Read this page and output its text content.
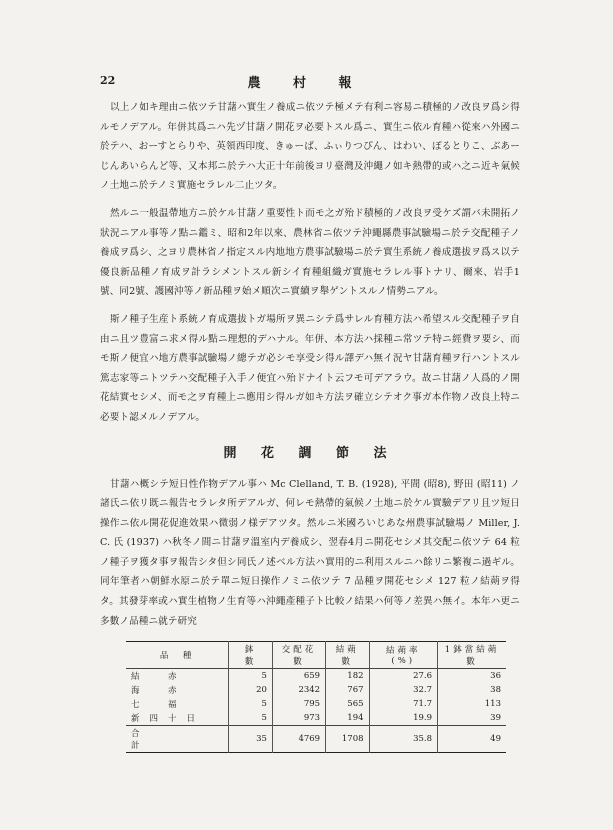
22	農 村 報

以上ノ如キ理由ニ依ツテ甘藷ハ實生ノ養成ニ依ツテ極メテ有利ニ容易ニ積極的ノ改良ヲ爲シ得ルモノデアル。年併其爲ニハ先ヅ甘藷ノ開花ヲ必要トスル爲ニ、實生ニ依ル育種ハ從來ハ外國ニ於テハ、おーすとらりや、英領西印度、きゅーば、ふぃりつぴん、はわい、ぽるとりこ、ぶあーじんあいらんど等、又本邦ニ於テハ大正十年前後ヨリ臺灣及沖繩ノ如キ熱帶的或ハ之ニ近キ氣候ノ土地ニ於テノミ實施セラレル二止ツタ。

然ルニ一般温帶地方ニ於ケル甘藷ノ重要性ト而モ之ガ殆ド積極的ノ改良ヲ受ケズ謂バ未開拓ノ狀況ニアル事等ノ點ニ鑑ミ、昭和2年以來、農林省ニ依ツテ沖繩縣農事試驗場ニ於テ交配種子ノ養成ヲ爲シ、之ヨリ農林省ノ指定スル内地地方農事試驗場ニ於テ實生系統ノ養成選拔ヲ爲ス以テ優良新品種ノ育成ヲ計ラシメントスル新シイ育種組織ガ實施セラレル事トナリ、爾來、岩手1號、同2號、護國沖等ノ新品種ヲ始メ順次ニ實續ヲ舉ゲントスルノ情勢ニアル。

斯ノ種子生産ト系統ノ育成選拔トガ場所ヲ異ニシテ爲サレル育種方法ハ希望スル交配種子ヲ自由ニ且ツ豊富ニ求メ得ル點ニ理想的デハナル。年併、本方法ハ採種ニ常ツテ特ニ經費ヲ要シ、而モ斯ノ便宜ハ地方農事試驗場ノ總テガ必シモ享受シ得ル譯デハ無イ況ヤ甘藷育種ヲ行ハントスル篤志家等ニトツテハ交配種子入手ノ便宜ハ殆ドナイト云フモ可デアラウ。故ニ甘藷ノ人爲的ノ開花結實セシメ、而モ之ヲ育種上ニ應用シ得ルガ如キ方法ヲ確立シテオク事ガ本作物ノ改良上特ニ必要ト認メルノデアル。

開 花 調 節 法

甘藷ハ概シテ短日性作物デアル事ハ Mc Clelland, T. B. (1928), 平間 (昭8), 野田 (昭11) ノ諸氏ニ依リ既ニ報告セラレタ所デアルガ、何レモ熱帶的氣候ノ土地ニ於ケル實驗デアリ且ツ短日操作ニ依ル開花促進效果ハ微弱ノ様デアツタ。然ルニ米國ろいじあな州農事試驗場ノ Miller, J. C. 氏 (1937) ハ秋冬ノ間ニ甘藷ヲ溫室内デ養成シ、翌春4月ニ開花セシメ其交配ニ依ツテ 64 粒ノ種子ヲ獲タ事ヲ報告シタ但シ同氏ノ述ベル方法ハ實用的ニ利用スルニハ餘リニ繁複ニ過ギル。同年筆者ハ朝鮮水原ニ於テ單ニ短日操作ノミニ依ツテ 7 品種ヲ開花セシメ 127 粒ノ結蒴ヲ得タ。其發芽率或ハ實生植物ノ生育等ハ沖繩產種子ト比較ノ結果ハ何等ノ差異ハ無イ。本年ハ更ニ多數ノ品種ニ就テ研究

品　種	鉢　數	交配花數	結蒴數	結蒴率 (%)	1鉢當結蒴數
結　赤	5	659	182	27.6	36
海　赤	20	2342	767	32.7	38
七　福	5	795	565	71.7	113
新四十日	5	973	194	19.9	39
合　計	35	4769	1708	35.8	49
